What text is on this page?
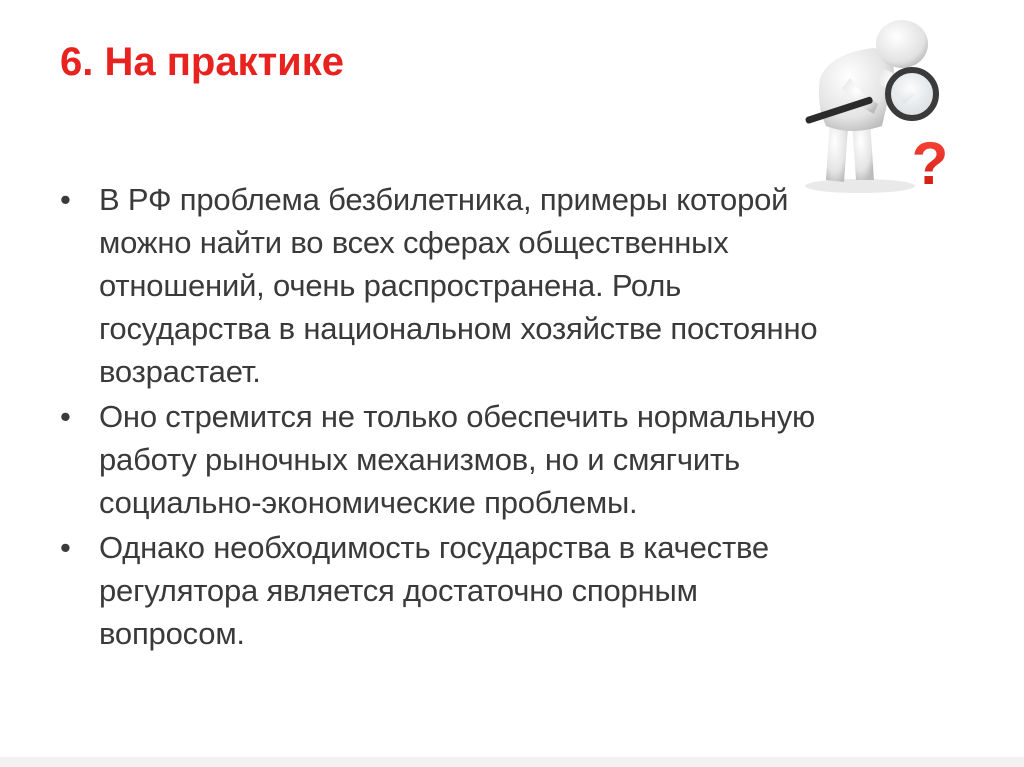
6. На практике
?
• В РФ проблема безбилетника, примеры которой
можно найти во всех сферах общественных
отношений, очень распространена. Роль
государства в национальном хозяйстве постоянно
возрастает.
• Оно стремится не только обеспечить нормальную
работу рыночных механизмов, но и смягчить
социально-экономические проблемы.
• Однако необходимость государства в качестве
регулятора является достаточно спорным
вопросом.
